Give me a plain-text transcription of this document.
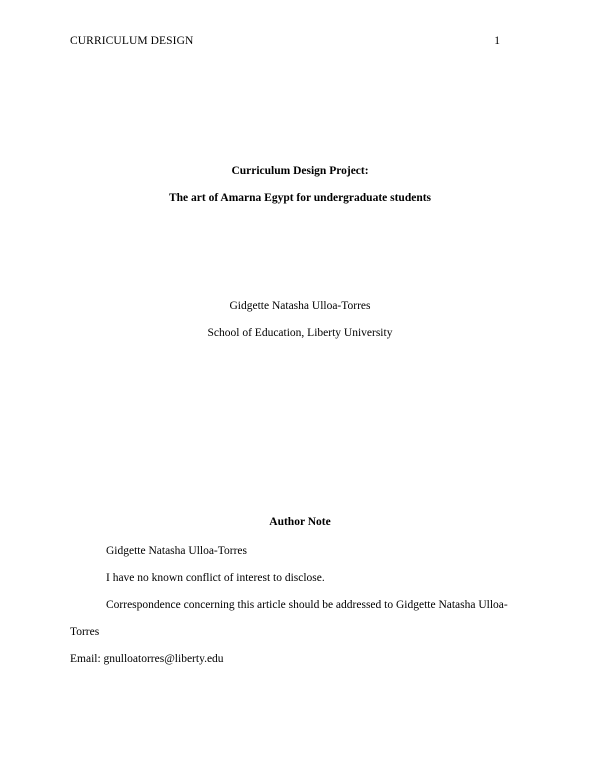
CURRICULUM DESIGN	1
Curriculum Design Project:
The art of Amarna Egypt for undergraduate students
Gidgette Natasha Ulloa-Torres
School of Education, Liberty University
Author Note
Gidgette Natasha Ulloa-Torres
I have no known conflict of interest to disclose.
Correspondence concerning this article should be addressed to Gidgette Natasha Ulloa-Torres
Email: gnulloatorres@liberty.edu
